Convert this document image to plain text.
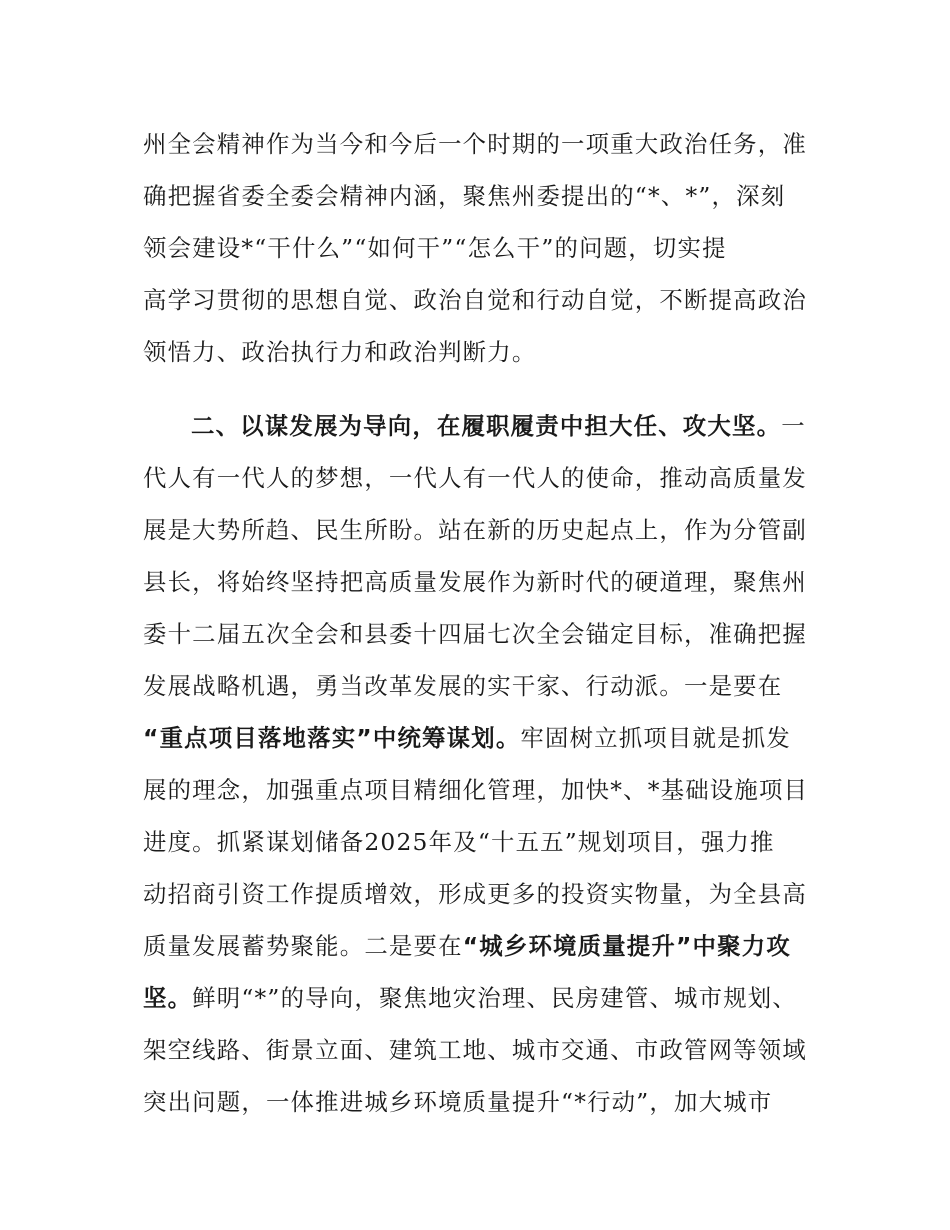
州全会精神作为当今和今后一个时期的一项重大政治任务，准
确把握省委全委会精神内涵，聚焦州委提出的“*、*”，深刻
领会建设*“干什么”“如何干”“怎么干”的问题，切实提
高学习贯彻的思想自觉、政治自觉和行动自觉，不断提高政治
领悟力、政治执行力和政治判断力。
二、以谋发展为导向，在履职履责中担大任、攻大坚。一
代人有一代人的梦想，一代人有一代人的使命，推动高质量发
展是大势所趋、民生所盼。站在新的历史起点上，作为分管副
县长，将始终坚持把高质量发展作为新时代的硬道理，聚焦州
委十二届五次全会和县委十四届七次全会锚定目标，准确把握
发展战略机遇，勇当改革发展的实干家、行动派。一是要在
“重点项目落地落实”中统筹谋划。牢固树立抓项目就是抓发
展的理念，加强重点项目精细化管理，加快*、*基础设施项目
进度。抓紧谋划储备2025年及“十五五”规划项目，强力推
动招商引资工作提质增效，形成更多的投资实物量，为全县高
质量发展蓄势聚能。二是要在“城乡环境质量提升”中聚力攻
坚。鲜明“*”的导向，聚焦地灾治理、民房建管、城市规划、
架空线路、街景立面、建筑工地、城市交通、市政管网等领域
突出问题，一体推进城乡环境质量提升“*行动”，加大城市
